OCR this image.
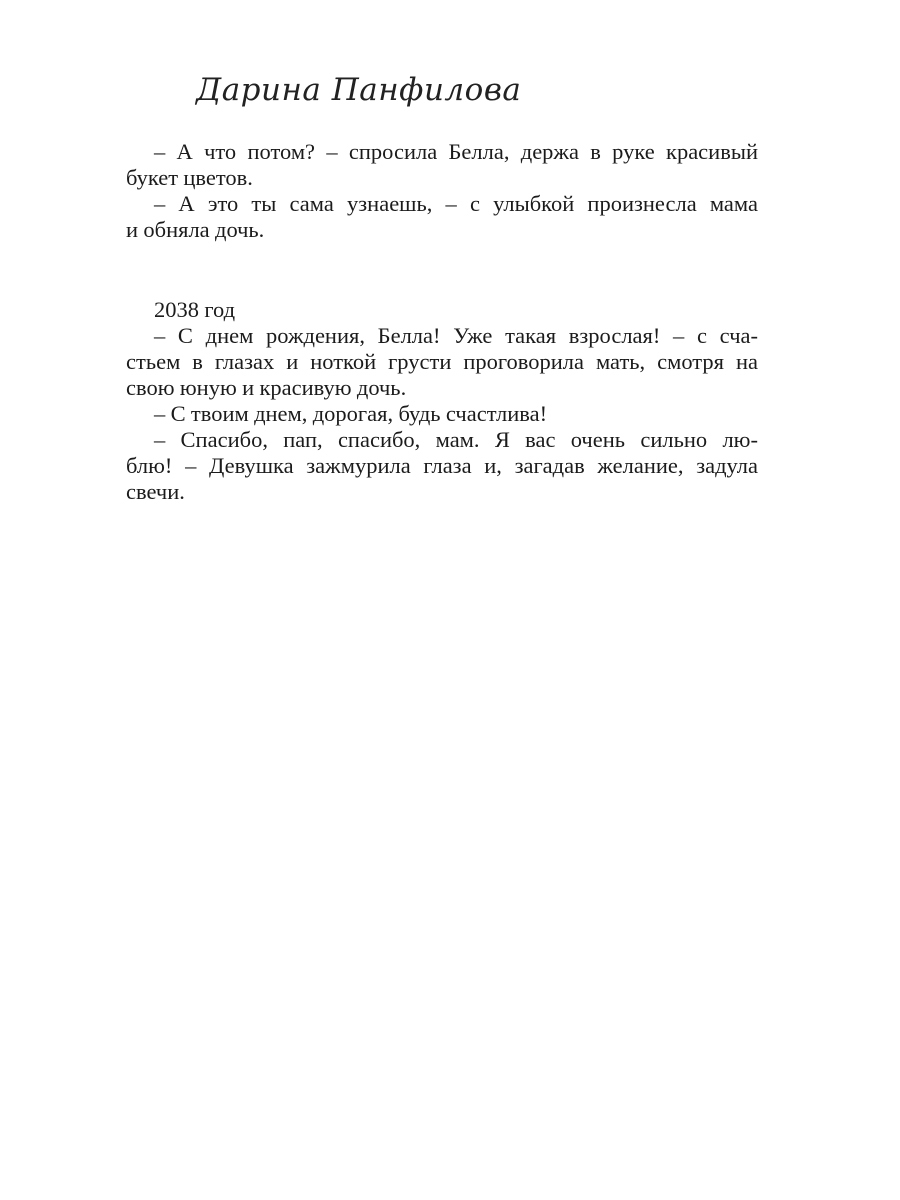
Дарина Панфилова
– А что потом? – спросила Белла, держа в руке красивый
букет цветов.
– А это ты сама узнаешь, – с улыбкой произнесла мама
и обняла дочь.
2038 год
– С днем рождения, Белла! Уже такая взрослая! – с сча-
стьем в глазах и ноткой грусти проговорила мать, смотря на
свою юную и красивую дочь.
– С твоим днем, дорогая, будь счастлива!
– Спасибо, пап, спасибо, мам. Я вас очень сильно лю-
блю! – Девушка зажмурила глаза и, загадав желание, задула
свечи.
